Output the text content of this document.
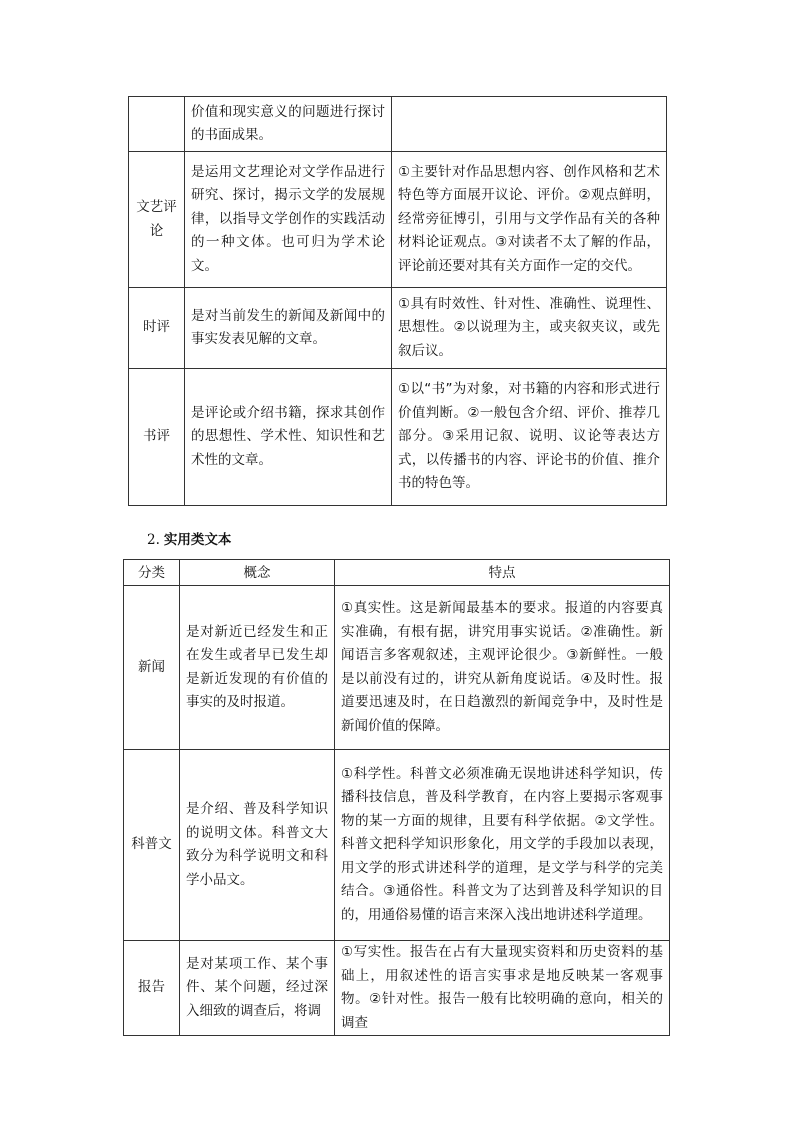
	价值和现实意义的问题进行探讨的书面成果。	
文艺评论	是运用文艺理论对文学作品进行研究、探讨，揭示文学的发展规律，以指导文学创作的实践活动的一种文体。也可归为学术论文。	①主要针对作品思想内容、创作风格和艺术特色等方面展开议论、评价。②观点鲜明，经常旁征博引，引用与文学作品有关的各种材料论证观点。③对读者不太了解的作品，评论前还要对其有关方面作一定的交代。
时评	是对当前发生的新闻及新闻中的事实发表见解的文章。	①具有时效性、针对性、准确性、说理性、思想性。②以说理为主，或夹叙夹议，或先叙后议。
书评	是评论或介绍书籍，探求其创作的思想性、学术性、知识性和艺术性的文章。	①以“书”为对象，对书籍的内容和形式进行价值判断。②一般包含介绍、评价、推荐几部分。③采用记叙、说明、议论等表达方式，以传播书的内容、评论书的价值、推介书的特色等。
2. 实用类文本
分类	概念	特点
新闻	是对新近已经发生和正在发生或者早已发生却是新近发现的有价值的事实的及时报道。	①真实性。这是新闻最基本的要求。报道的内容要真实准确，有根有据，讲究用事实说话。②准确性。新闻语言多客观叙述，主观评论很少。③新鲜性。一般是以前没有过的，讲究从新角度说话。④及时性。报道要迅速及时，在日趋激烈的新闻竞争中，及时性是新闻价值的保障。
科普文	是介绍、普及科学知识的说明文体。科普文大致分为科学说明文和科学小品文。	①科学性。科普文必须准确无误地讲述科学知识，传播科技信息，普及科学教育，在内容上要揭示客观事物的某一方面的规律，且要有科学依据。②文学性。科普文把科学知识形象化，用文学的手段加以表现，用文学的形式讲述科学的道理，是文学与科学的完美结合。③通俗性。科普文为了达到普及科学知识的目的，用通俗易懂的语言来深入浅出地讲述科学道理。
报告	是对某项工作、某个事件、某个问题，经过深入细致的调查后，将调	①写实性。报告在占有大量现实资料和历史资料的基础上，用叙述性的语言实事求是地反映某一客观事物。②针对性。报告一般有比较明确的意向，相关的调查
